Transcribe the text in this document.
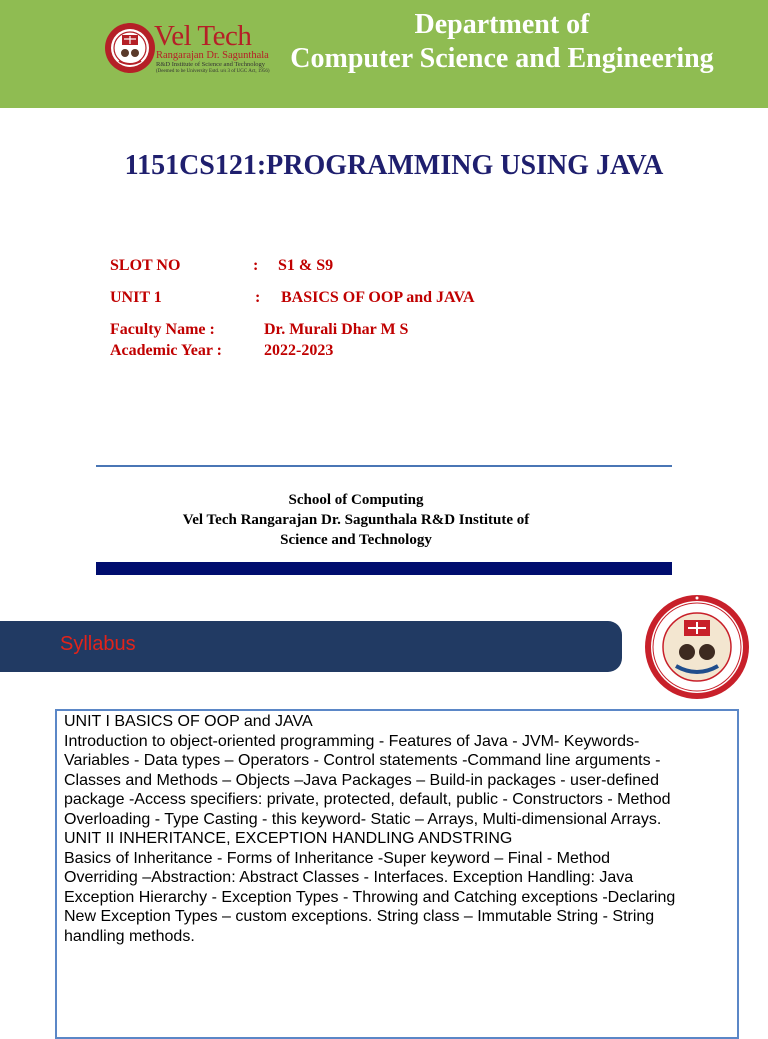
Vel Tech
Rangarajan Dr. Sagunthala
R&D Institute of Science and Technology
(Deemed to be University Estd. u/s 3 of UGC Act, 1956)
Department of
Computer Science and Engineering
1151CS121:PROGRAMMING USING JAVA
SLOT NO	: S1 & S9
UNIT 1	: BASICS OF OOP and JAVA
Faculty Name :	Dr. Murali Dhar M S
Academic Year :	2022-2023
School of Computing
Vel Tech Rangarajan Dr. Sagunthala R&D Institute of
Science and Technology
Syllabus
UNIT I BASICS OF OOP and JAVA
Introduction to object-oriented programming - Features of Java - JVM- Keywords-
Variables - Data types – Operators - Control statements -Command line arguments -
Classes and Methods – Objects –Java Packages – Build-in packages - user-defined
package -Access specifiers: private, protected, default, public - Constructors - Method
Overloading - Type Casting - this keyword- Static – Arrays, Multi-dimensional Arrays.
UNIT II INHERITANCE, EXCEPTION HANDLING ANDSTRING
Basics of Inheritance - Forms of Inheritance -Super keyword – Final - Method
Overriding –Abstraction: Abstract Classes - Interfaces. Exception Handling: Java
Exception Hierarchy - Exception Types - Throwing and Catching exceptions -Declaring
New Exception Types – custom exceptions. String class – Immutable String - String
handling methods.
